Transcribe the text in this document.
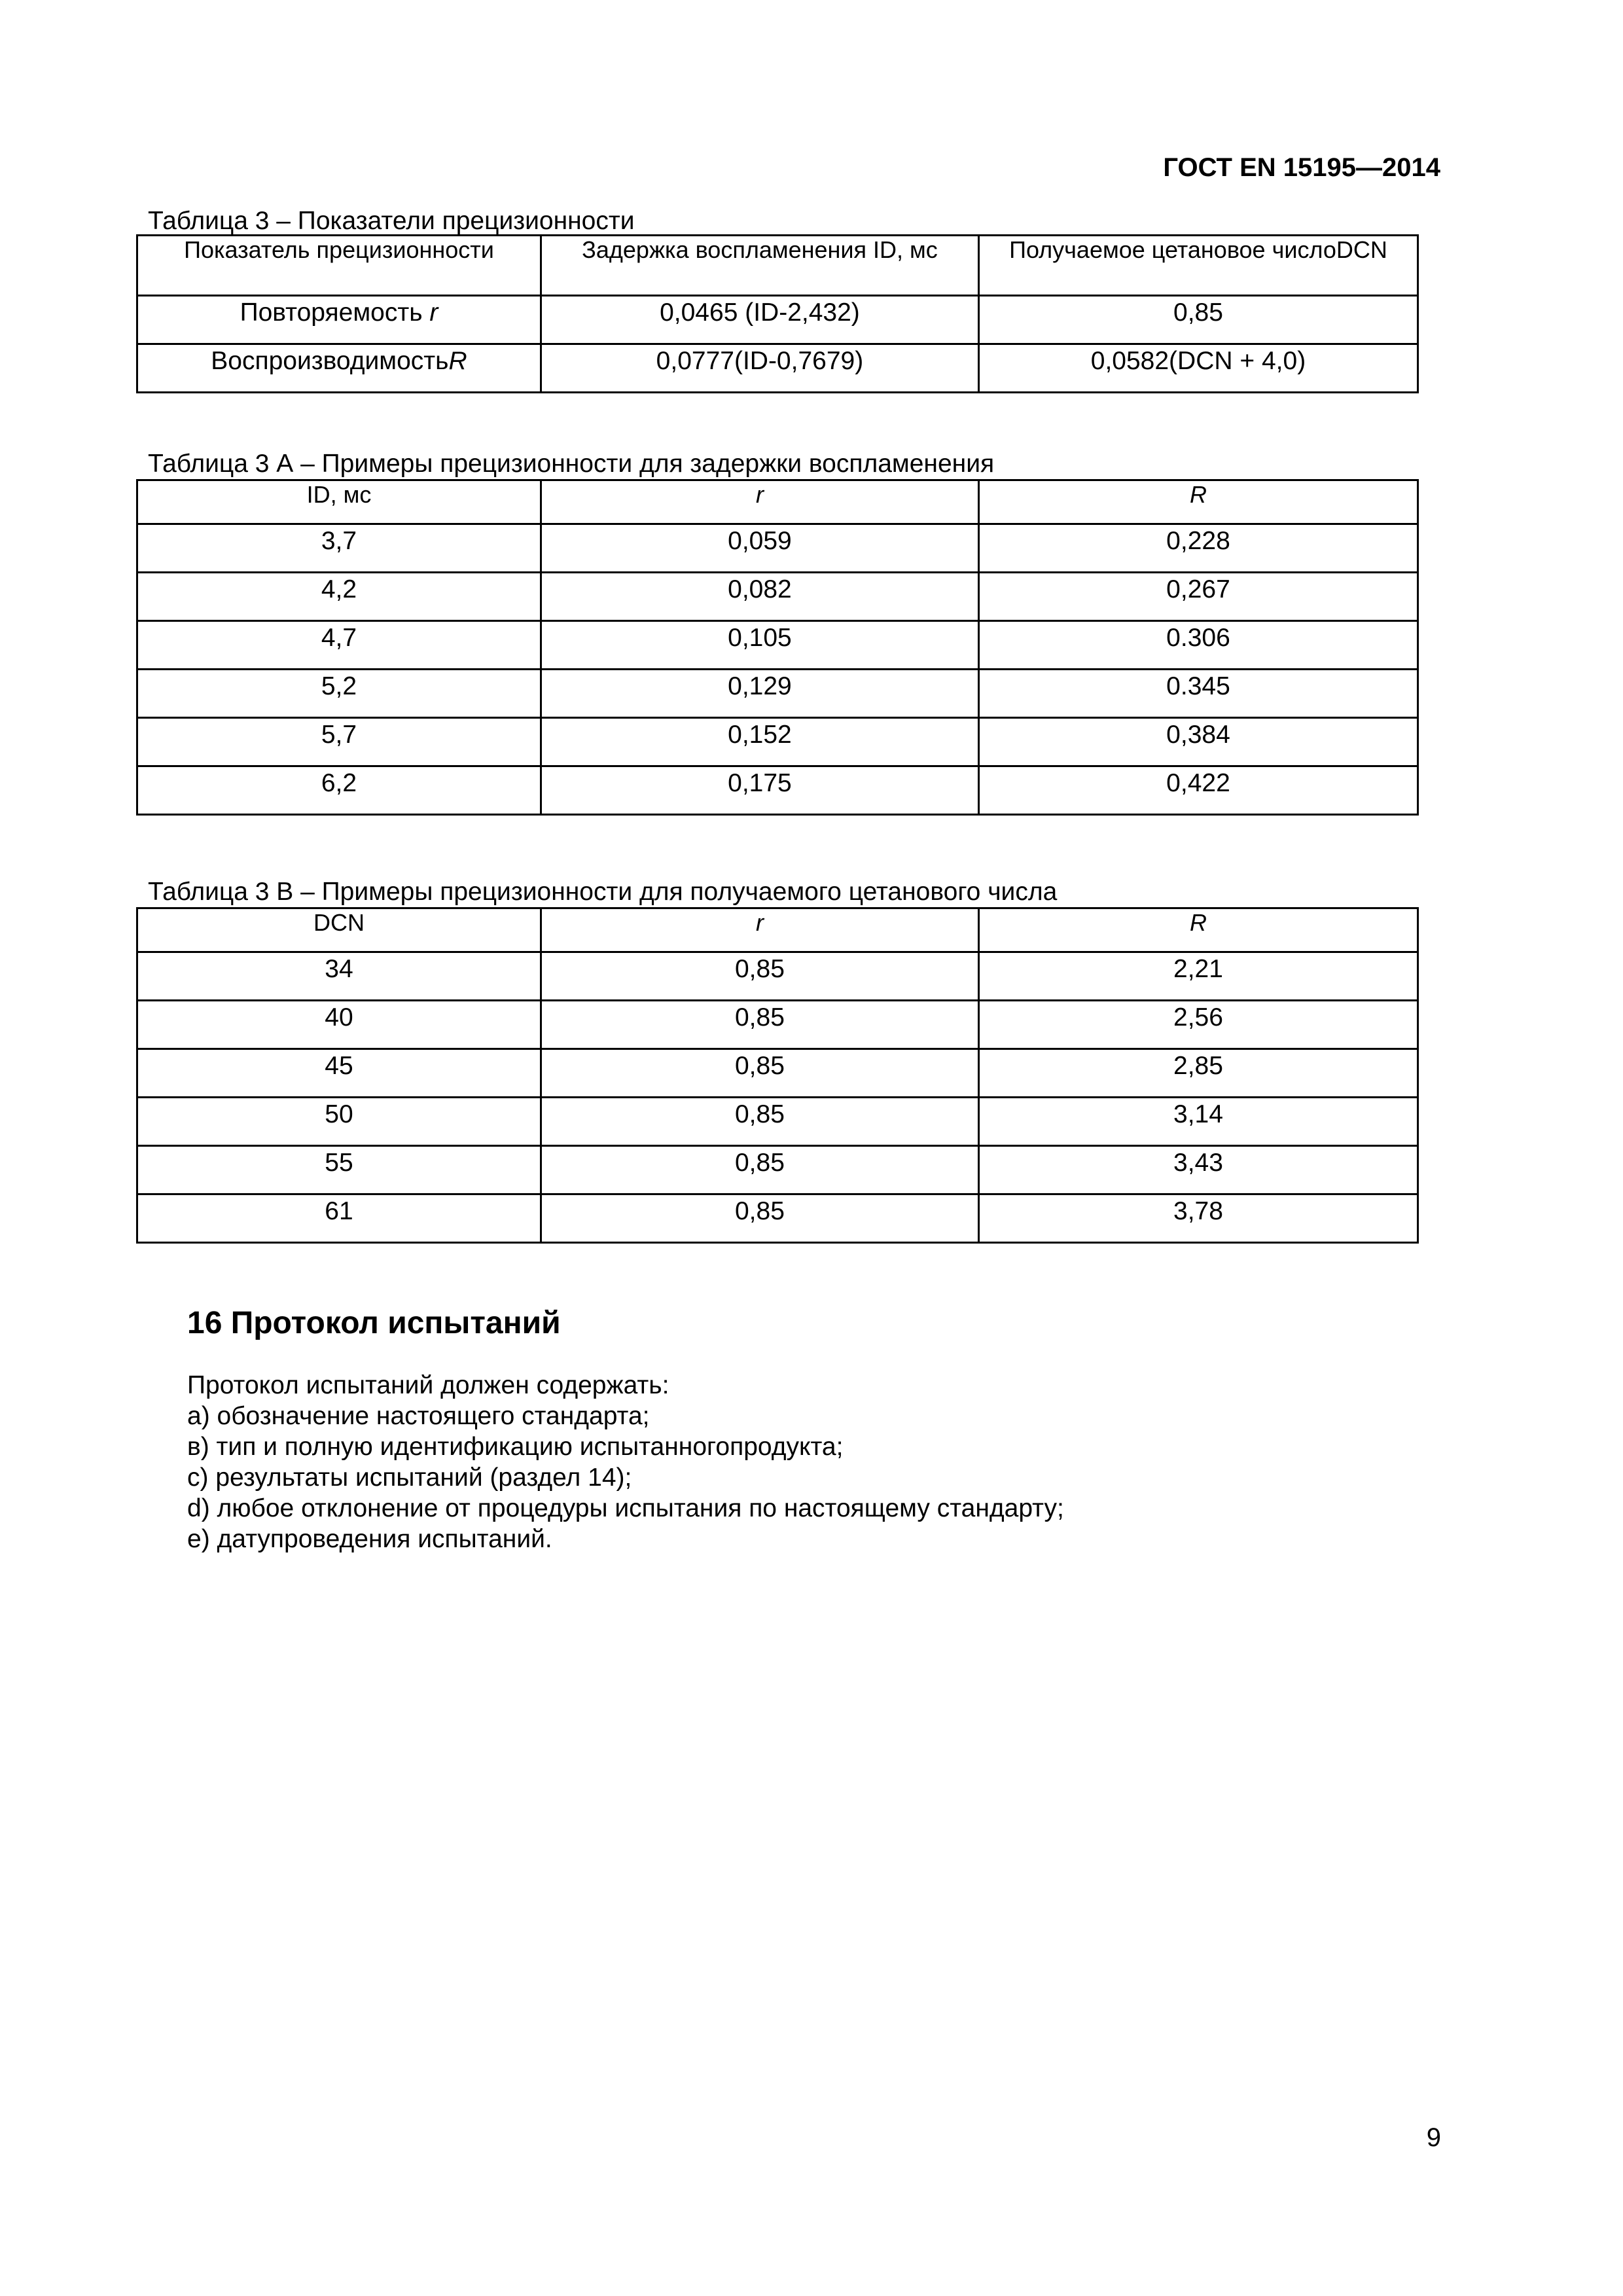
ГОСТ EN 15195—2014
Таблица 3 – Показатели прецизионности
Показатель прецизионности	Задержка воспламенения ID, мс	Получаемое цетановое числоDCN
Повторяемость r	0,0465 (ID-2,432)	0,85
ВоспроизводимостьR	0,0777(ID-0,7679)	0,0582(DCN + 4,0)
Таблица 3 А – Примеры прецизионности для задержки воспламенения
ID, мс	r	R
3,7	0,059	0,228
4,2	0,082	0,267
4,7	0,105	0.306
5,2	0,129	0.345
5,7	0,152	0,384
6,2	0,175	0,422
Таблица 3 В – Примеры прецизионности для получаемого цетанового числа
DCN	r	R
34	0,85	2,21
40	0,85	2,56
45	0,85	2,85
50	0,85	3,14
55	0,85	3,43
61	0,85	3,78
16 Протокол испытаний
Протокол испытаний должен содержать:
а) обозначение настоящего стандарта;
в) тип и полную идентификацию испытанногопродукта;
с) результаты испытаний (раздел 14);
d) любое отклонение от процедуры испытания по настоящему стандарту;
е) датупроведения испытаний.
9
